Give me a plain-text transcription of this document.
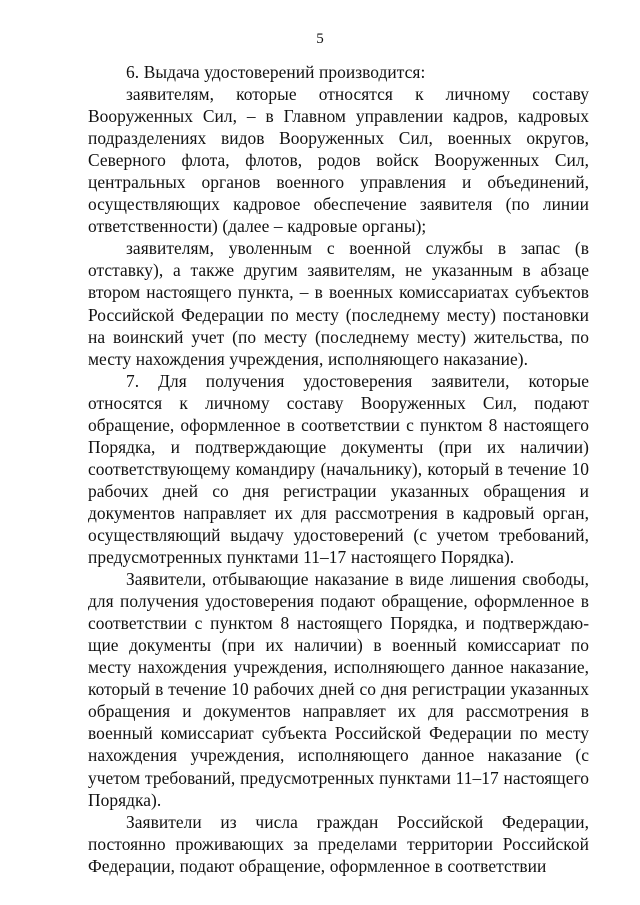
5

6. Выдача удостоверений производится:

заявителям, которые относятся к личному составу Вооруженных Сил, – в Главном управлении кадров, кадровых подразделениях видов Вооруженных Сил, военных округов, Северного флота, флотов, родов войск Вооруженных Сил, центральных органов военного управления и объединений, осуществляющих кадровое обеспечение заявителя (по линии ответственности) (далее – кадровые органы);

заявителям, уволенным с военной службы в запас (в отставку), а также другим заявителям, не указанным в абзаце втором настоящего пункта, – в военных комиссариатах субъектов Российской Федерации по месту (последнему месту) постановки на воинский учет (по месту (последнему месту) жительства, по месту нахождения учреждения, исполняющего наказание).

7. Для получения удостоверения заявители, которые относятся к личному составу Вооруженных Сил, подают обращение, оформленное в соответствии с пунктом 8 настоящего Порядка, и подтверждающие документы (при их наличии) соответствующему командиру (начальнику), который в течение 10 рабочих дней со дня регистрации указанных обращения и документов направляет их для рассмотрения в кадровый орган, осуществляющий выдачу удостоверений (с учетом требований, предусмотренных пунктами 11–17 настоящего Порядка).

Заявители, отбывающие наказание в виде лишения свободы, для получения удостоверения подают обращение, оформленное в соответствии с пунктом 8 настоящего Порядка, и подтверждающие документы (при их наличии) в военный комиссариат по месту нахождения учреждения, исполняющего данное наказание, который в течение 10 рабочих дней со дня регистрации указанных обращения и документов направляет их для рассмотрения в военный комиссариат субъекта Российской Федерации по месту нахождения учреждения, исполняющего данное наказание (с учетом требований, предусмотренных пунктами 11–17 настоящего Порядка).

Заявители из числа граждан Российской Федерации, постоянно проживающих за пределами территории Российской Федерации, подают обращение, оформленное в соответствии
